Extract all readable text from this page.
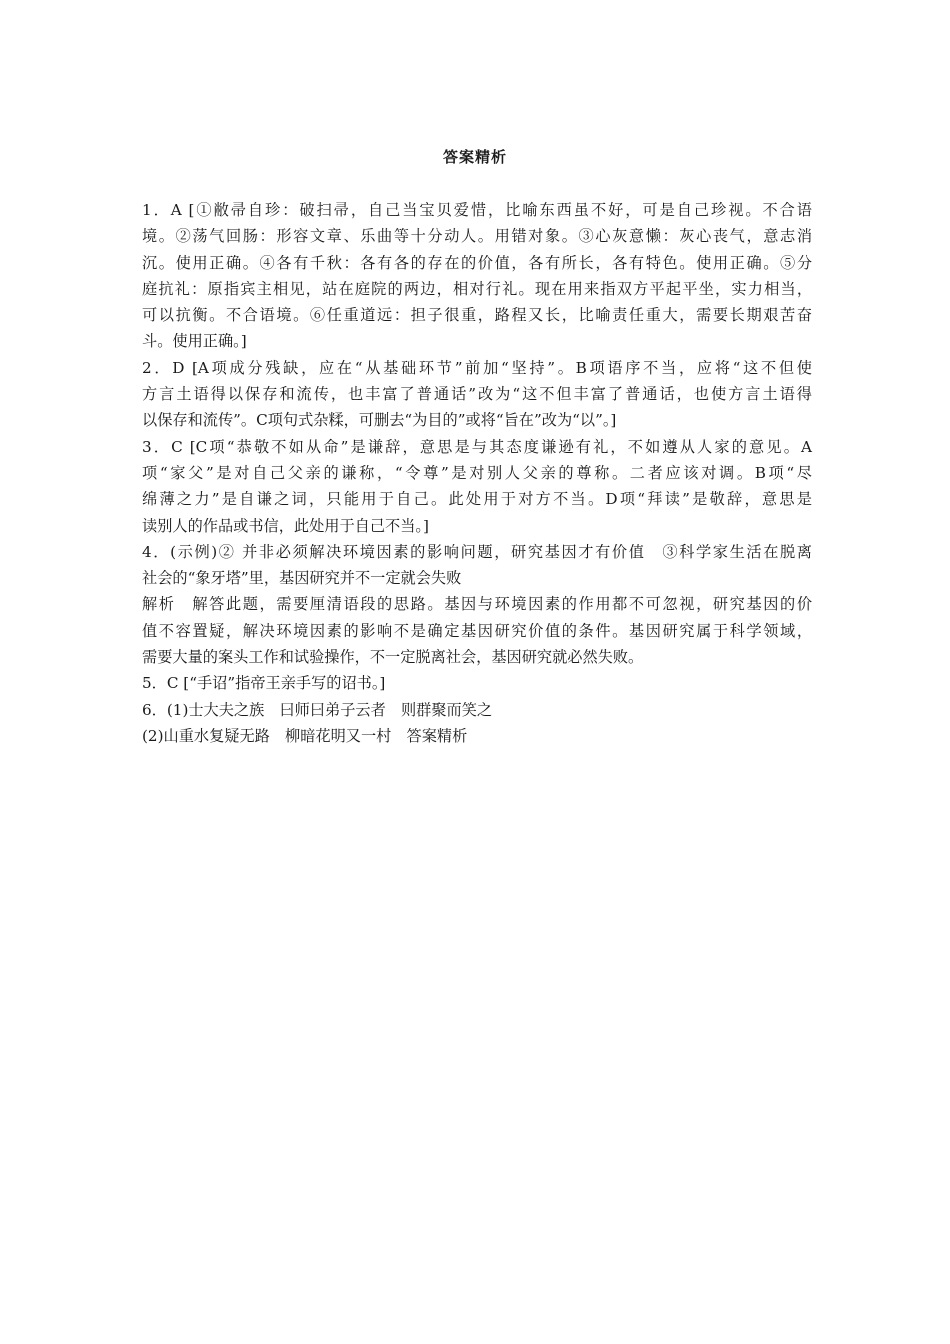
答案精析
1．A [①敝帚自珍：破扫帚，自己当宝贝爱惜，比喻东西虽不好，可是自己珍视。不合语
境。②荡气回肠：形容文章、乐曲等十分动人。用错对象。③心灰意懒：灰心丧气，意志消
沉。使用正确。④各有千秋：各有各的存在的价值，各有所长，各有特色。使用正确。⑤分
庭抗礼：原指宾主相见，站在庭院的两边，相对行礼。现在用来指双方平起平坐，实力相当，
可以抗衡。不合语境。⑥任重道远：担子很重，路程又长，比喻责任重大，需要长期艰苦奋
斗。使用正确。]
2．D [A项成分残缺，应在“从基础环节”前加“坚持”。B项语序不当，应将“这不但使
方言土语得以保存和流传，也丰富了普通话”改为“这不但丰富了普通话，也使方言土语得
以保存和流传”。C项句式杂糅，可删去“为目的”或将“旨在”改为“以”。]
3．C [C项“恭敬不如从命”是谦辞，意思是与其态度谦逊有礼，不如遵从人家的意见。A
项“家父”是对自己父亲的谦称，“令尊”是对别人父亲的尊称。二者应该对调。B项“尽
绵薄之力”是自谦之词，只能用于自己。此处用于对方不当。D项“拜读”是敬辞，意思是
读别人的作品或书信，此处用于自己不当。]
4．(示例)② 并非必须解决环境因素的影响问题，研究基因才有价值　③科学家生活在脱离
社会的“象牙塔”里，基因研究并不一定就会失败
解析　解答此题，需要厘清语段的思路。基因与环境因素的作用都不可忽视，研究基因的价
值不容置疑，解决环境因素的影响不是确定基因研究价值的条件。基因研究属于科学领域，
需要大量的案头工作和试验操作，不一定脱离社会，基因研究就必然失败。
5．C [“手诏”指帝王亲手写的诏书。]
6．(1)士大夫之族　曰师曰弟子云者　则群聚而笑之
(2)山重水复疑无路　柳暗花明又一村　答案精析
